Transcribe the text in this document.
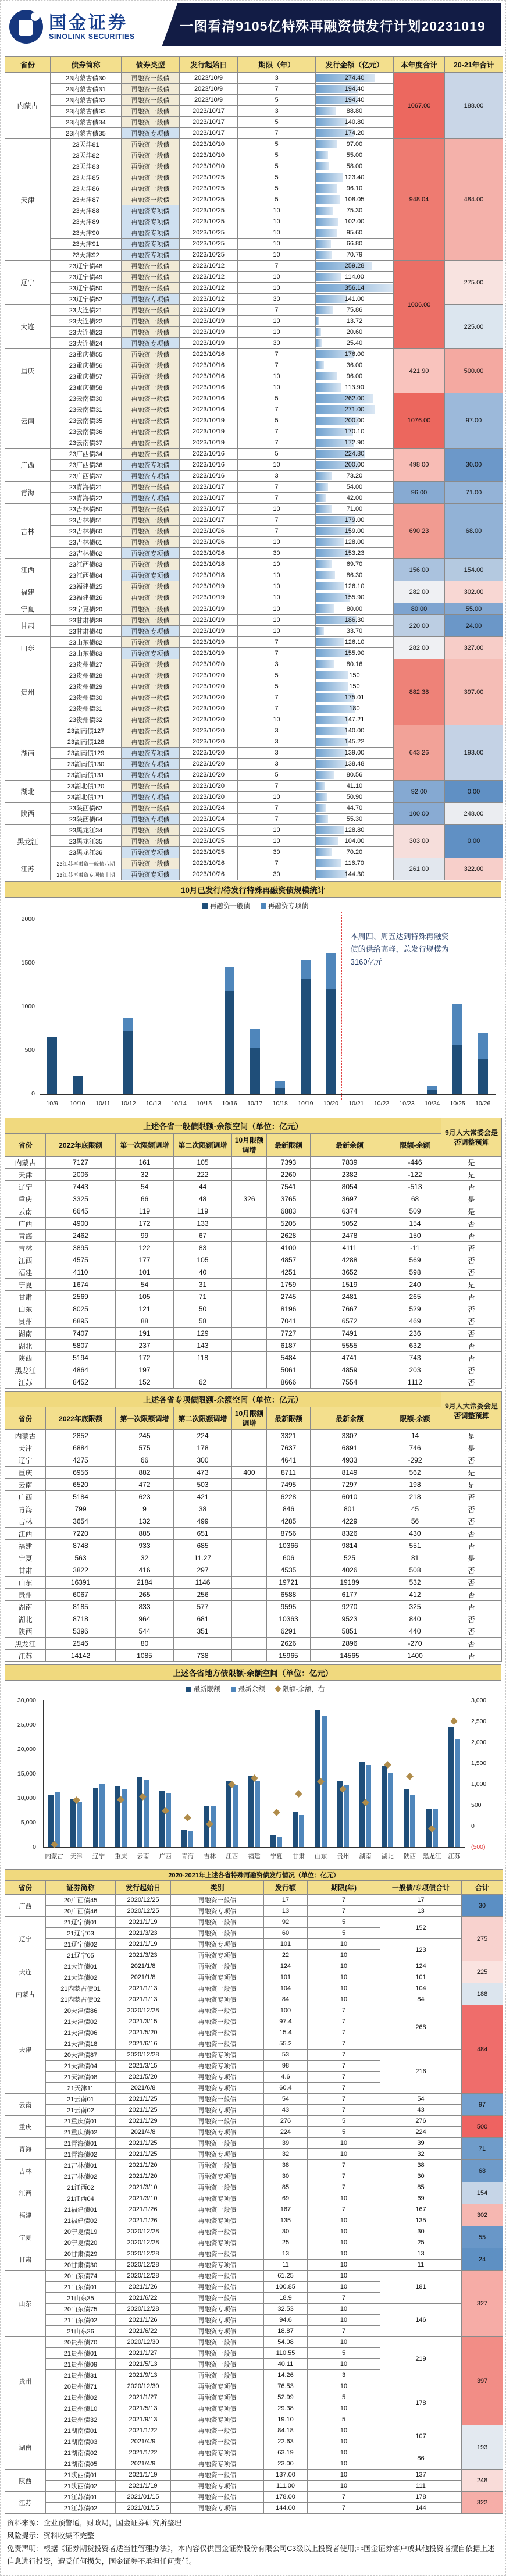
一图看清9105亿特殊再融资债发行计划20231019
国金证券
SINOLINK SECURITIES
省份	债券简称	债券类型	发行起始日	期限（年）	发行金额（亿元）	本年度合计	20-21年合计
内蒙古	23内蒙古债30	再融资一般债	2023/10/9	3	274.40	1067.00	188.00
	23内蒙古债31	再融资一般债	2023/10/9	7	194.40		

	23内蒙古债32	再融资一般债	2023/10/9	5	194.40		

	23内蒙古债33	再融资一般债	2023/10/17	3	88.80		

	23内蒙古债34	再融资一般债	2023/10/17	5	140.80		

	23内蒙古债35	再融资专项债	2023/10/17	7	174.20		

天津	23天津81	再融资一般债	2023/10/10	5	97.00	948.04	484.00
	23天津82	再融资一般债	2023/10/10	5	55.00		

	23天津83	再融资一般债	2023/10/10	5	58.00		

	23天津85	再融资一般债	2023/10/25	5	123.40		

	23天津86	再融资一般债	2023/10/25	5	96.10		

	23天津87	再融资一般债	2023/10/25	5	108.05		

	23天津88	再融资专项债	2023/10/25	10	75.30		

	23天津89	再融资专项债	2023/10/25	10	102.00		

	23天津90	再融资专项债	2023/10/25	10	95.60		

	23天津91	再融资专项债	2023/10/25	10	66.80		

	23天津92	再融资专项债	2023/10/25	10	70.79		

辽宁	23辽宁债48	再融资一般债	2023/10/12	7	259.28	1006.00	275.00
	23辽宁债49	再融资一般债	2023/10/12	10	114.00		

	23辽宁债50	再融资一般债	2023/10/12	10	356.14		

	23辽宁债52	再融资专项债	2023/10/12	30	141.00		

大连	23大连债21	再融资一般债	2023/10/19	7	75.86		225.00
	23大连债22	再融资一般债	2023/10/19	10	13.72		

	23大连债23	再融资一般债	2023/10/19	10	20.60		

	23大连债24	再融资专项债	2023/10/19	30	25.40		

重庆	23重庆债55	再融资一般债	2023/10/16	7	176.00	421.90	500.00
	23重庆债56	再融资一般债	2023/10/16	7	36.00		

	23重庆债57	再融资一般债	2023/10/16	10	96.00		

	23重庆债58	再融资一般债	2023/10/16	10	113.90		

云南	23云南债30	再融资一般债	2023/10/16	5	262.00	1076.00	97.00
	23云南债31	再融资一般债	2023/10/16	7	271.00		

	23云南债35	再融资一般债	2023/10/19	5	200.00		

	23云南债36	再融资一般债	2023/10/19	7	170.10		

	23云南债37	再融资一般债	2023/10/19	7	172.90		

广西	23广西债34	再融资一般债	2023/10/16	5	224.80	498.00	30.00
	23广西债36	再融资专项债	2023/10/16	10	200.00		

	23广西债37	再融资专项债	2023/10/16	3	73.20		

青海	23青海债21	再融资一般债	2023/10/17	7	54.00	96.00	71.00
	23青海债22	再融资专项债	2023/10/17	7	42.00		

吉林	23吉林债50	再融资一般债	2023/10/17	10	71.00	690.23	68.00
	23吉林债51	再融资一般债	2023/10/17	7	179.00		

	23吉林债60	再融资一般债	2023/10/26	7	159.00		

	23吉林债61	再融资一般债	2023/10/26	10	128.00		

	23吉林债62	再融资专项债	2023/10/26	30	153.23		

江西	23江西债83	再融资一般债	2023/10/18	10	69.70	156.00	154.00
	23江西债84	再融资专项债	2023/10/18	10	86.30		

福建	23福建债25	再融资一般债	2023/10/19	10	126.10	282.00	302.00
	23福建债26	再融资一般债	2023/10/19	10	155.90		

宁夏	23宁夏债20	再融资一般债	2023/10/19	10	80.00	80.00	55.00
甘肃	23甘肃债39	再融资一般债	2023/10/19	10	186.30	220.00	24.00
	23甘肃债40	再融资专项债	2023/10/19	10	33.70		

山东	23山东债82	再融资一般债	2023/10/19	7	126.10	282.00	327.00
	23山东债83	再融资专项债	2023/10/19	7	155.90		

贵州	23贵州债27	再融资一般债	2023/10/20	3	80.16	882.38	397.00
	23贵州债28	再融资一般债	2023/10/20	5	150		

	23贵州债29	再融资一般债	2023/10/20	5	150		

	23贵州债30	再融资一般债	2023/10/20	7	175.01		

	23贵州债31	再融资一般债	2023/10/20	7	180		

	23贵州债32	再融资一般债	2023/10/20	10	147.21		

湖南	23湖南债127	再融资一般债	2023/10/20	3	140.00	643.26	193.00
	23湖南债128	再融资一般债	2023/10/20	3	145.22		

	23湖南债129	再融资专项债	2023/10/20	3	139.00		

	23湖南债130	再融资专项债	2023/10/20	3	138.48		

	23湖南债131	再融资专项债	2023/10/20	5	80.56		

湖北	23湖北债120	再融资一般债	2023/10/20	7	41.10	92.00	0.00
	23湖北债121	再融资专项债	2023/10/20	10	50.90		

陕西	23陕西债62	再融资一般债	2023/10/24	7	44.70	100.00	248.00
	23陕西债64	再融资专项债	2023/10/24	7	55.30		

黑龙江	23黑龙江34	再融资一般债	2023/10/25	10	128.80	303.00	0.00
	23黑龙江35	再融资一般债	2023/10/25	10	104.00		

	23黑龙江36	再融资专项债	2023/10/25	30	70.20		

江苏	23江苏再融资一般债八期	再融资一般债	2023/10/26	7	116.70	261.00	322.00
	23江苏再融资专项债十期	再融资专项债	2023/10/26	30	144.30		
10月已发行/待发行特殊再融资债规模统计
再融资一般债	再融资专项债
2000
1500
1000
500
0
10/9	10/10	10/11	10/12	10/13	10/14	10/15	10/16	10/17	10/18	10/19	10/20	10/21	10/22	10/23	10/24	10/25	10/26
本周四、周五达到特殊再融资债的供给高峰，总发行规模为3160亿元
上述各省一般债限额-余额空间（单位：亿元）								9月人大常委会是否调整预算
省份	2022年底限额	第一次限额调增	第二次限额调增	10月限额调增	最新限额	最新余额	限额-余额	
内蒙古	7127	161	105		7393	7839	-446	是
天津	2006	32	222		2260	2382	-122	是
辽宁	7443	54	44		7541	8054	-513	否
重庆	3325	66	48	326	3765	3697	68	是
云南	6645	119	119		6883	6374	509	是
广西	4900	172	133		5205	5052	154	否
青海	2462	99	67		2628	2478	150	否
吉林	3895	122	83		4100	4111	-11	否
江西	4575	177	105		4857	4288	569	否
福建	4110	101	40		4251	3652	598	否
宁夏	1674	54	31		1759	1519	240	是
甘肃	2569	105	71		2745	2481	265	否
山东	8025	121	50		8196	7667	529	否
贵州	6895	88	58		7041	6572	469	否
湖南	7407	191	129		7727	7491	236	否
湖北	5807	237	143		6187	5555	632	否
陕西	5194	172	118		5484	4741	743	否
黑龙江	4864	197			5061	4859	203	否
江苏	8452	152	62		8666	7554	1112	否
上述各省专项债限额-余额空间（单位：亿元）								9月人大常委会是否调整预算
省份	2022年底限额	第一次限额调增	第二次限额调增	10月限额调增	最新限额	最新余额	限额-余额	
内蒙古	2852	245	224		3321	3307	14	是
天津	6884	575	178		7637	6891	746	是
辽宁	4275	66	300		4641	4933	-292	否
重庆	6956	882	473	400	8711	8149	562	是
云南	6520	472	503		7495	7297	198	是
广西	5184	623	421		6228	6010	218	否
青海	799	9	38		846	801	45	否
吉林	3654	132	499		4285	4229	56	否
江西	7220	885	651		8756	8326	430	否
福建	8748	933	685		10366	9814	551	否
宁夏	563	32	11.27		606	525	81	是
甘肃	3822	416	297		4535	4026	508	否
山东	16391	2184	1146		19721	19189	532	否
贵州	6067	265	256		6588	6177	412	否
湖南	8185	833	577		9595	9270	325	否
湖北	8718	964	681		10363	9523	840	否
陕西	5396	544	351		6291	5851	440	否
黑龙江	2546	80			2626	2896	-270	否
江苏	14142	1085	738		15965	14565	1400	否
上述各省地方债限额-余额空间（单位：亿元）
最新限额	最新余额	限额-余额，右
30,000
25,000
20,000
15,000
10,000
5,000
0
3,000
2,500
2,000
1,500
1,000
500
0
(500)
内蒙古	天津	辽宁	重庆	云南	广西	青海	吉林	江西	福建	宁夏	甘肃	山东	贵州	湖南	湖北	陕西	黑龙江	江苏
2020-2021年上述各省特殊再融资债发行情况（单位：亿元）							
省份	证券简称	发行起始日	类别	发行额	期限(年)	一般债/专项债合计	合计
广西	20广西债45	2020/12/25	再融资一般债	17	7	17	30
	20广西债46	2020/12/25	再融资专项债	13	7	13	
辽宁	21辽宁债01	2021/1/19	再融资一般债	92	5	152	275
	21辽宁03	2021/3/23	再融资一般债	60	5		
	21辽宁债02	2021/1/19	再融资专项债	101	10	123	
	21辽宁05	2021/3/23	再融资专项债	22	10		
大连	21大连债01	2021/1/8	再融资一般债	124	10	124	225
	21大连债02	2021/1/8	再融资专项债	101	10	101	
内蒙古	21内蒙古债01	2021/1/13	再融资一般债	104	10	104	188
	21内蒙古债02	2021/1/13	再融资专项债	84	10	84	
天津	20天津债86	2020/12/28	再融资一般债	100	7	268	484
	21天津债02	2021/3/15	再融资一般债	97.4	7		
	21天津债06	2021/5/20	再融资一般债	15.4	7		
	21天津债18	2021/6/16	再融资一般债	55.2	7		
	20天津债87	2020/12/28	再融资专项债	53	7	216	
	21天津债04	2021/3/15	再融资专项债	98	7		
	21天津债08	2021/5/20	再融资专项债	4.6	7		
	21天津11	2021/6/8	再融资专项债	60.4	7		
云南	21云南01	2021/1/25	再融资一般债	54	7	54	97
	21云南02	2021/1/25	再融资专项债	43	7	43	
重庆	21重庆债01	2021/1/29	再融资一般债	276	5	276	500
	21重庆债02	2021/4/8	再融资专项债	224	5	224	
青海	21青海债01	2021/1/25	再融资一般债	39	10	39	71
	21青海债02	2021/1/25	再融资专项债	32	10	32	
吉林	21吉林债01	2021/1/20	再融资一般债	38	7	38	68
	21吉林债02	2021/1/20	再融资专项债	30	7	30	
江西	21江西02	2021/3/10	再融资一般债	85	7	85	154
	21江西04	2021/3/10	再融资专项债	69	10	69	
福建	21福建债01	2021/1/26	再融资一般债	167	7	167	302
	21福建债02	2021/1/26	再融资专项债	135	10	135	
宁夏	20宁夏债19	2020/12/28	再融资一般债	30	10	30	55
	20宁夏债20	2020/12/28	再融资专项债	25	10	25	
甘肃	20甘肃债29	2020/12/28	再融资一般债	13	10	13	24
	20甘肃债30	2020/12/28	再融资专项债	11	10	11	
山东	20山东债74	2020/12/28	再融资一般债	61.25	10	181	327
	21山东债01	2021/1/26	再融资一般债	100.85	10		
	21山东35	2021/6/22	再融资一般债	18.9	7		
	20山东债75	2020/12/28	再融资专项债	32.53	10	146	
	21山东债02	2021/1/26	再融资专项债	94.6	10		
	21山东36	2021/6/22	再融资专项债	18.87	7		
贵州	20贵州债70	2020/12/30	再融资一般债	54.08	10	219	397
	21贵州债01	2021/1/27	再融资一般债	110.55	5		
	21贵州债09	2021/5/13	再融资一般债	40.11	10		
	21贵州债31	2021/9/13	再融资一般债	14.26	3		
	20贵州债71	2020/12/30	再融资专项债	76.53	10	178	
	21贵州债02	2021/1/27	再融资专项债	52.99	5		
	21贵州债10	2021/5/13	再融资专项债	29.38	10		
	21贵州债32	2021/9/13	再融资专项债	19.10	5		
湖南	21湖南债01	2021/1/22	再融资一般债	84.18	10	107	193
	21湖南债03	2021/4/9	再融资一般债	22.63	10		
	21湖南债02	2021/1/22	再融资专项债	63.19	10	86	
	21湖南债05	2021/4/9	再融资专项债	23.00	10		
陕西	21陕西债01	2021/1/19	再融资一般债	137.00	10	137	248
	21陕西债02	2021/1/19	再融资专项债	111.00	10	111	
江苏	21江苏债01	2021/01/15	再融资一般债	178.00	7	178	322
	21江苏债02	2021/01/15	再融资专项债	144.00	7	144	
资料来源：企业预警通，财政局，国金证券研究所整理
风险提示：资料收集不完整
免责声明：根据《证券期货投资者适当性管理办法》，本内容仅供国金证券股份有限公司C3级以上投资者使用;非国金证券客户或其他投资者擅自依据上述信息进行投资，遭受任何损失，国金证券不承担任何责任。
